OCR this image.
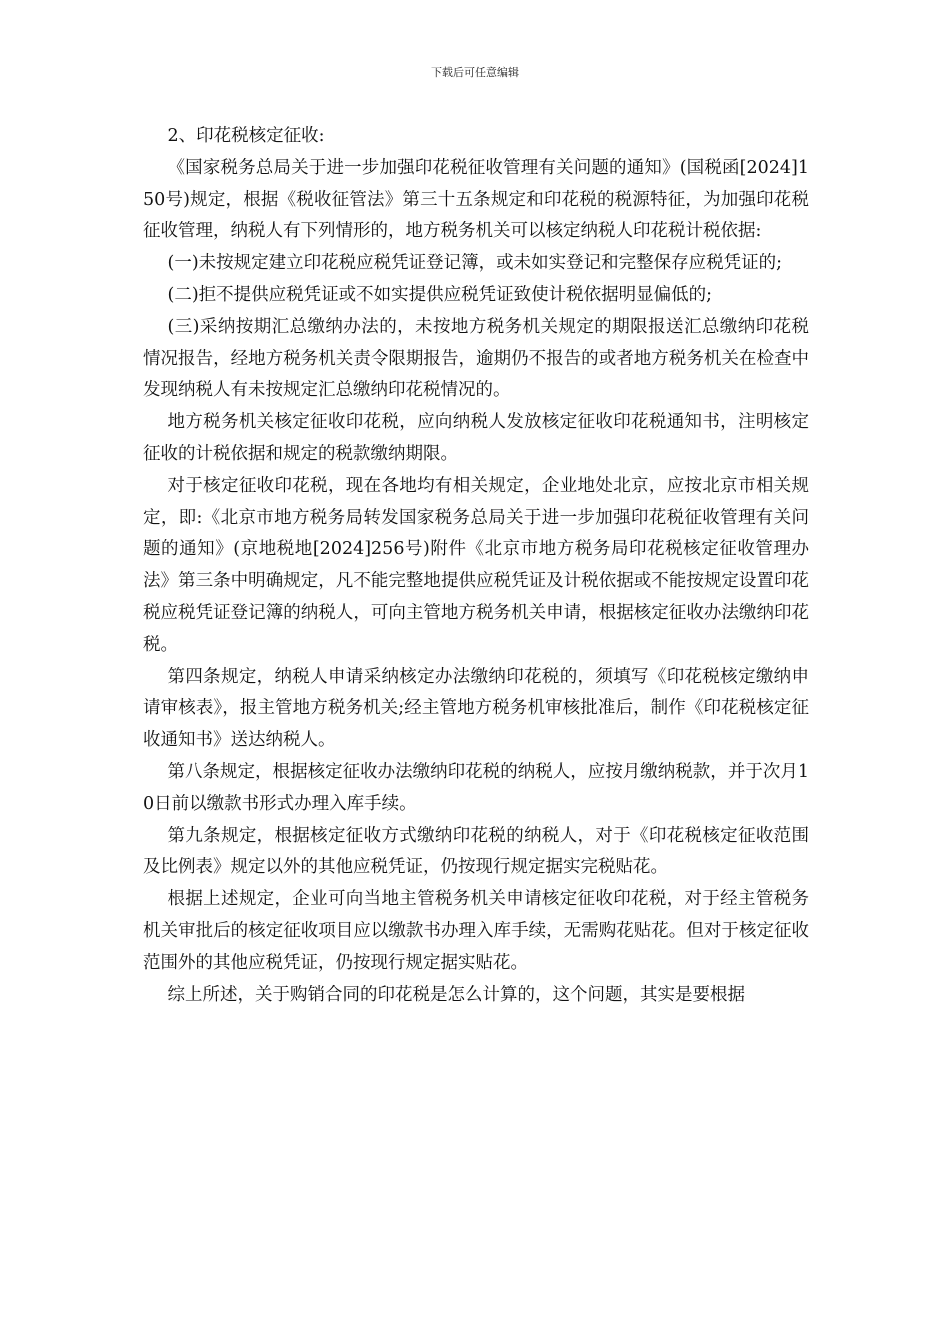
下载后可任意编辑

2、印花税核定征收:

《国家税务总局关于进一步加强印花税征收管理有关问题的通知》(国税函[2024]150号)规定，根据《税收征管法》第三十五条规定和印花税的税源特征，为加强印花税征收管理，纳税人有下列情形的，地方税务机关可以核定纳税人印花税计税依据:

(一)未按规定建立印花税应税凭证登记簿，或未如实登记和完整保存应税凭证的;

(二)拒不提供应税凭证或不如实提供应税凭证致使计税依据明显偏低的;

(三)采纳按期汇总缴纳办法的，未按地方税务机关规定的期限报送汇总缴纳印花税情况报告，经地方税务机关责令限期报告，逾期仍不报告的或者地方税务机关在检查中发现纳税人有未按规定汇总缴纳印花税情况的。

地方税务机关核定征收印花税，应向纳税人发放核定征收印花税通知书，注明核定征收的计税依据和规定的税款缴纳期限。

对于核定征收印花税，现在各地均有相关规定，企业地处北京，应按北京市相关规定，即:《北京市地方税务局转发国家税务总局关于进一步加强印花税征收管理有关问题的通知》(京地税地[2024]256号)附件《北京市地方税务局印花税核定征收管理办法》第三条中明确规定，凡不能完整地提供应税凭证及计税依据或不能按规定设置印花税应税凭证登记簿的纳税人，可向主管地方税务机关申请，根据核定征收办法缴纳印花税。

第四条规定，纳税人申请采纳核定办法缴纳印花税的，须填写《印花税核定缴纳申请审核表》，报主管地方税务机关;经主管地方税务机审核批准后，制作《印花税核定征收通知书》送达纳税人。

第八条规定，根据核定征收办法缴纳印花税的纳税人，应按月缴纳税款，并于次月10日前以缴款书形式办理入库手续。

第九条规定，根据核定征收方式缴纳印花税的纳税人，对于《印花税核定征收范围及比例表》规定以外的其他应税凭证，仍按现行规定据实完税贴花。

根据上述规定，企业可向当地主管税务机关申请核定征收印花税，对于经主管税务机关审批后的核定征收项目应以缴款书办理入库手续，无需购花贴花。但对于核定征收范围外的其他应税凭证，仍按现行规定据实贴花。

综上所述，关于购销合同的印花税是怎么计算的，这个问题，其实是要根据
